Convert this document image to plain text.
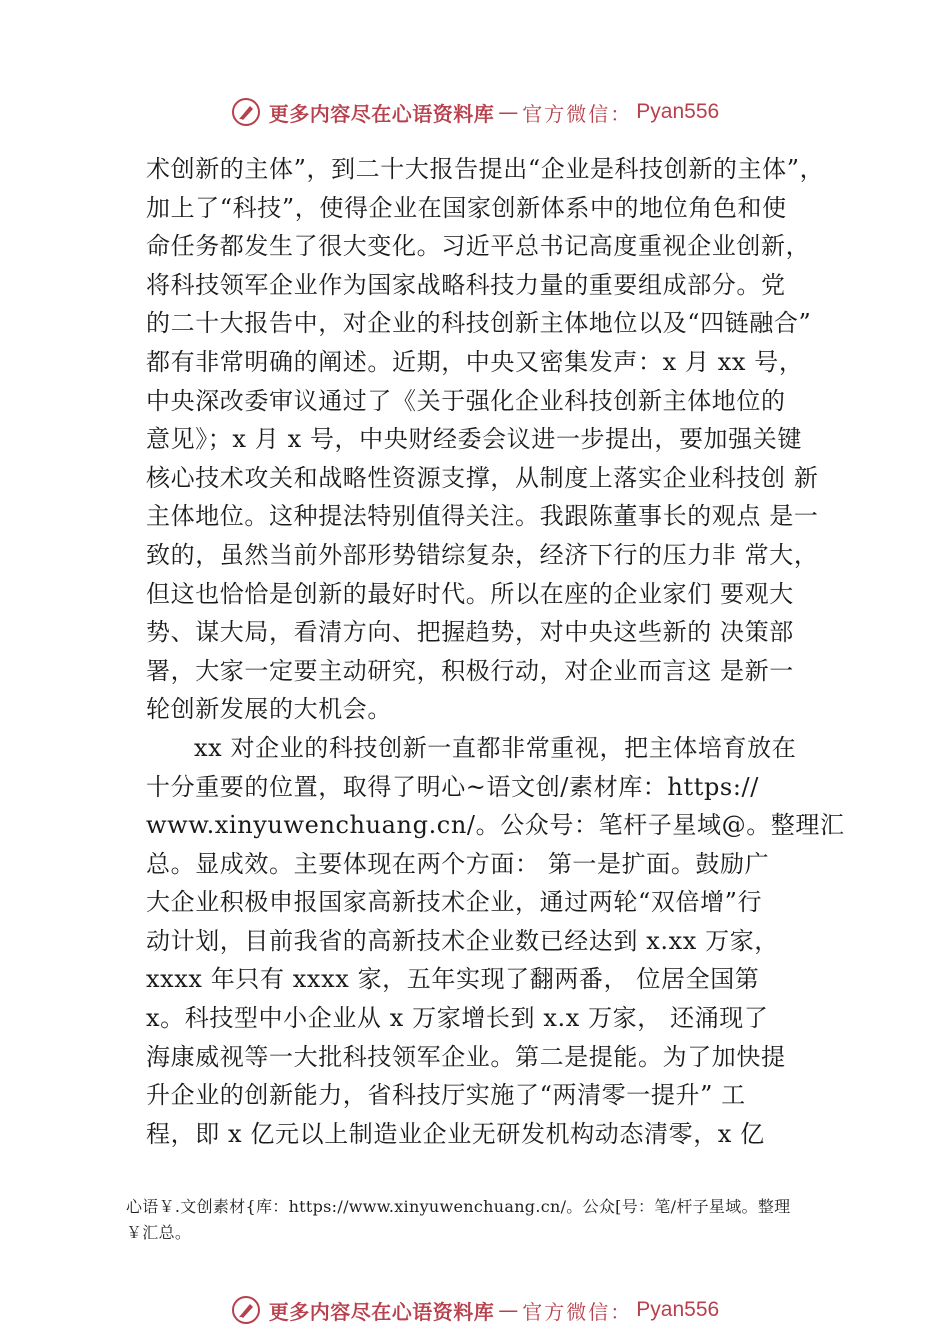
更多内容尽在心语资料库 — 官方微信： Pyan556
术创新的主体”，到二十大报告提出“企业是科技创新的主体”，
加上了“科技”，使得企业在国家创新体系中的地位角色和使
命任务都发生了很大变化。习近平总书记高度重视企业创新，
将科技领军企业作为国家战略科技力量的重要组成部分。党
的二十大报告中，对企业的科技创新主体地位以及“四链融合”
都有非常明确的阐述。近期，中央又密集发声：x 月 xx 号，
中央深改委审议通过了《关于强化企业科技创新主体地位的
意见》；x 月 x 号，中央财经委会议进一步提出，要加强关键
核心技术攻关和战略性资源支撑，从制度上落实企业科技创 新
主体地位。这种提法特别值得关注。我跟陈董事长的观点 是一
致的，虽然当前外部形势错综复杂，经济下行的压力非 常大，
但这也恰恰是创新的最好时代。所以在座的企业家们 要观大
势、谋大局，看清方向、把握趋势，对中央这些新的 决策部
署，大家一定要主动研究，积极行动，对企业而言这 是新一
轮创新发展的大机会。
xx 对企业的科技创新一直都非常重视，把主体培育放在
十分重要的位置，取得了明心~语文创/素材库：https://
www.xinyuwenchuang.cn/。公众号：笔杆子星域@。整理汇
总。显成效。主要体现在两个方面： 第一是扩面。鼓励广
大企业积极申报国家高新技术企业，通过两轮“双倍增”行
动计划，目前我省的高新技术企业数已经达到 x.xx 万家，
xxxx 年只有 xxxx 家，五年实现了翻两番， 位居全国第
x。科技型中小企业从 x 万家增长到 x.x 万家， 还涌现了
海康威视等一大批科技领军企业。第二是提能。为了加快提
升企业的创新能力，省科技厅实施了“两清零一提升” 工
程，即 x 亿元以上制造业企业无研发机构动态清零，x 亿
心语￥.文创素材{库：https://www.xinyuwenchuang.cn/。公众[号：笔/杆子星域。整理
￥汇总。
更多内容尽在心语资料库 — 官方微信： Pyan556
